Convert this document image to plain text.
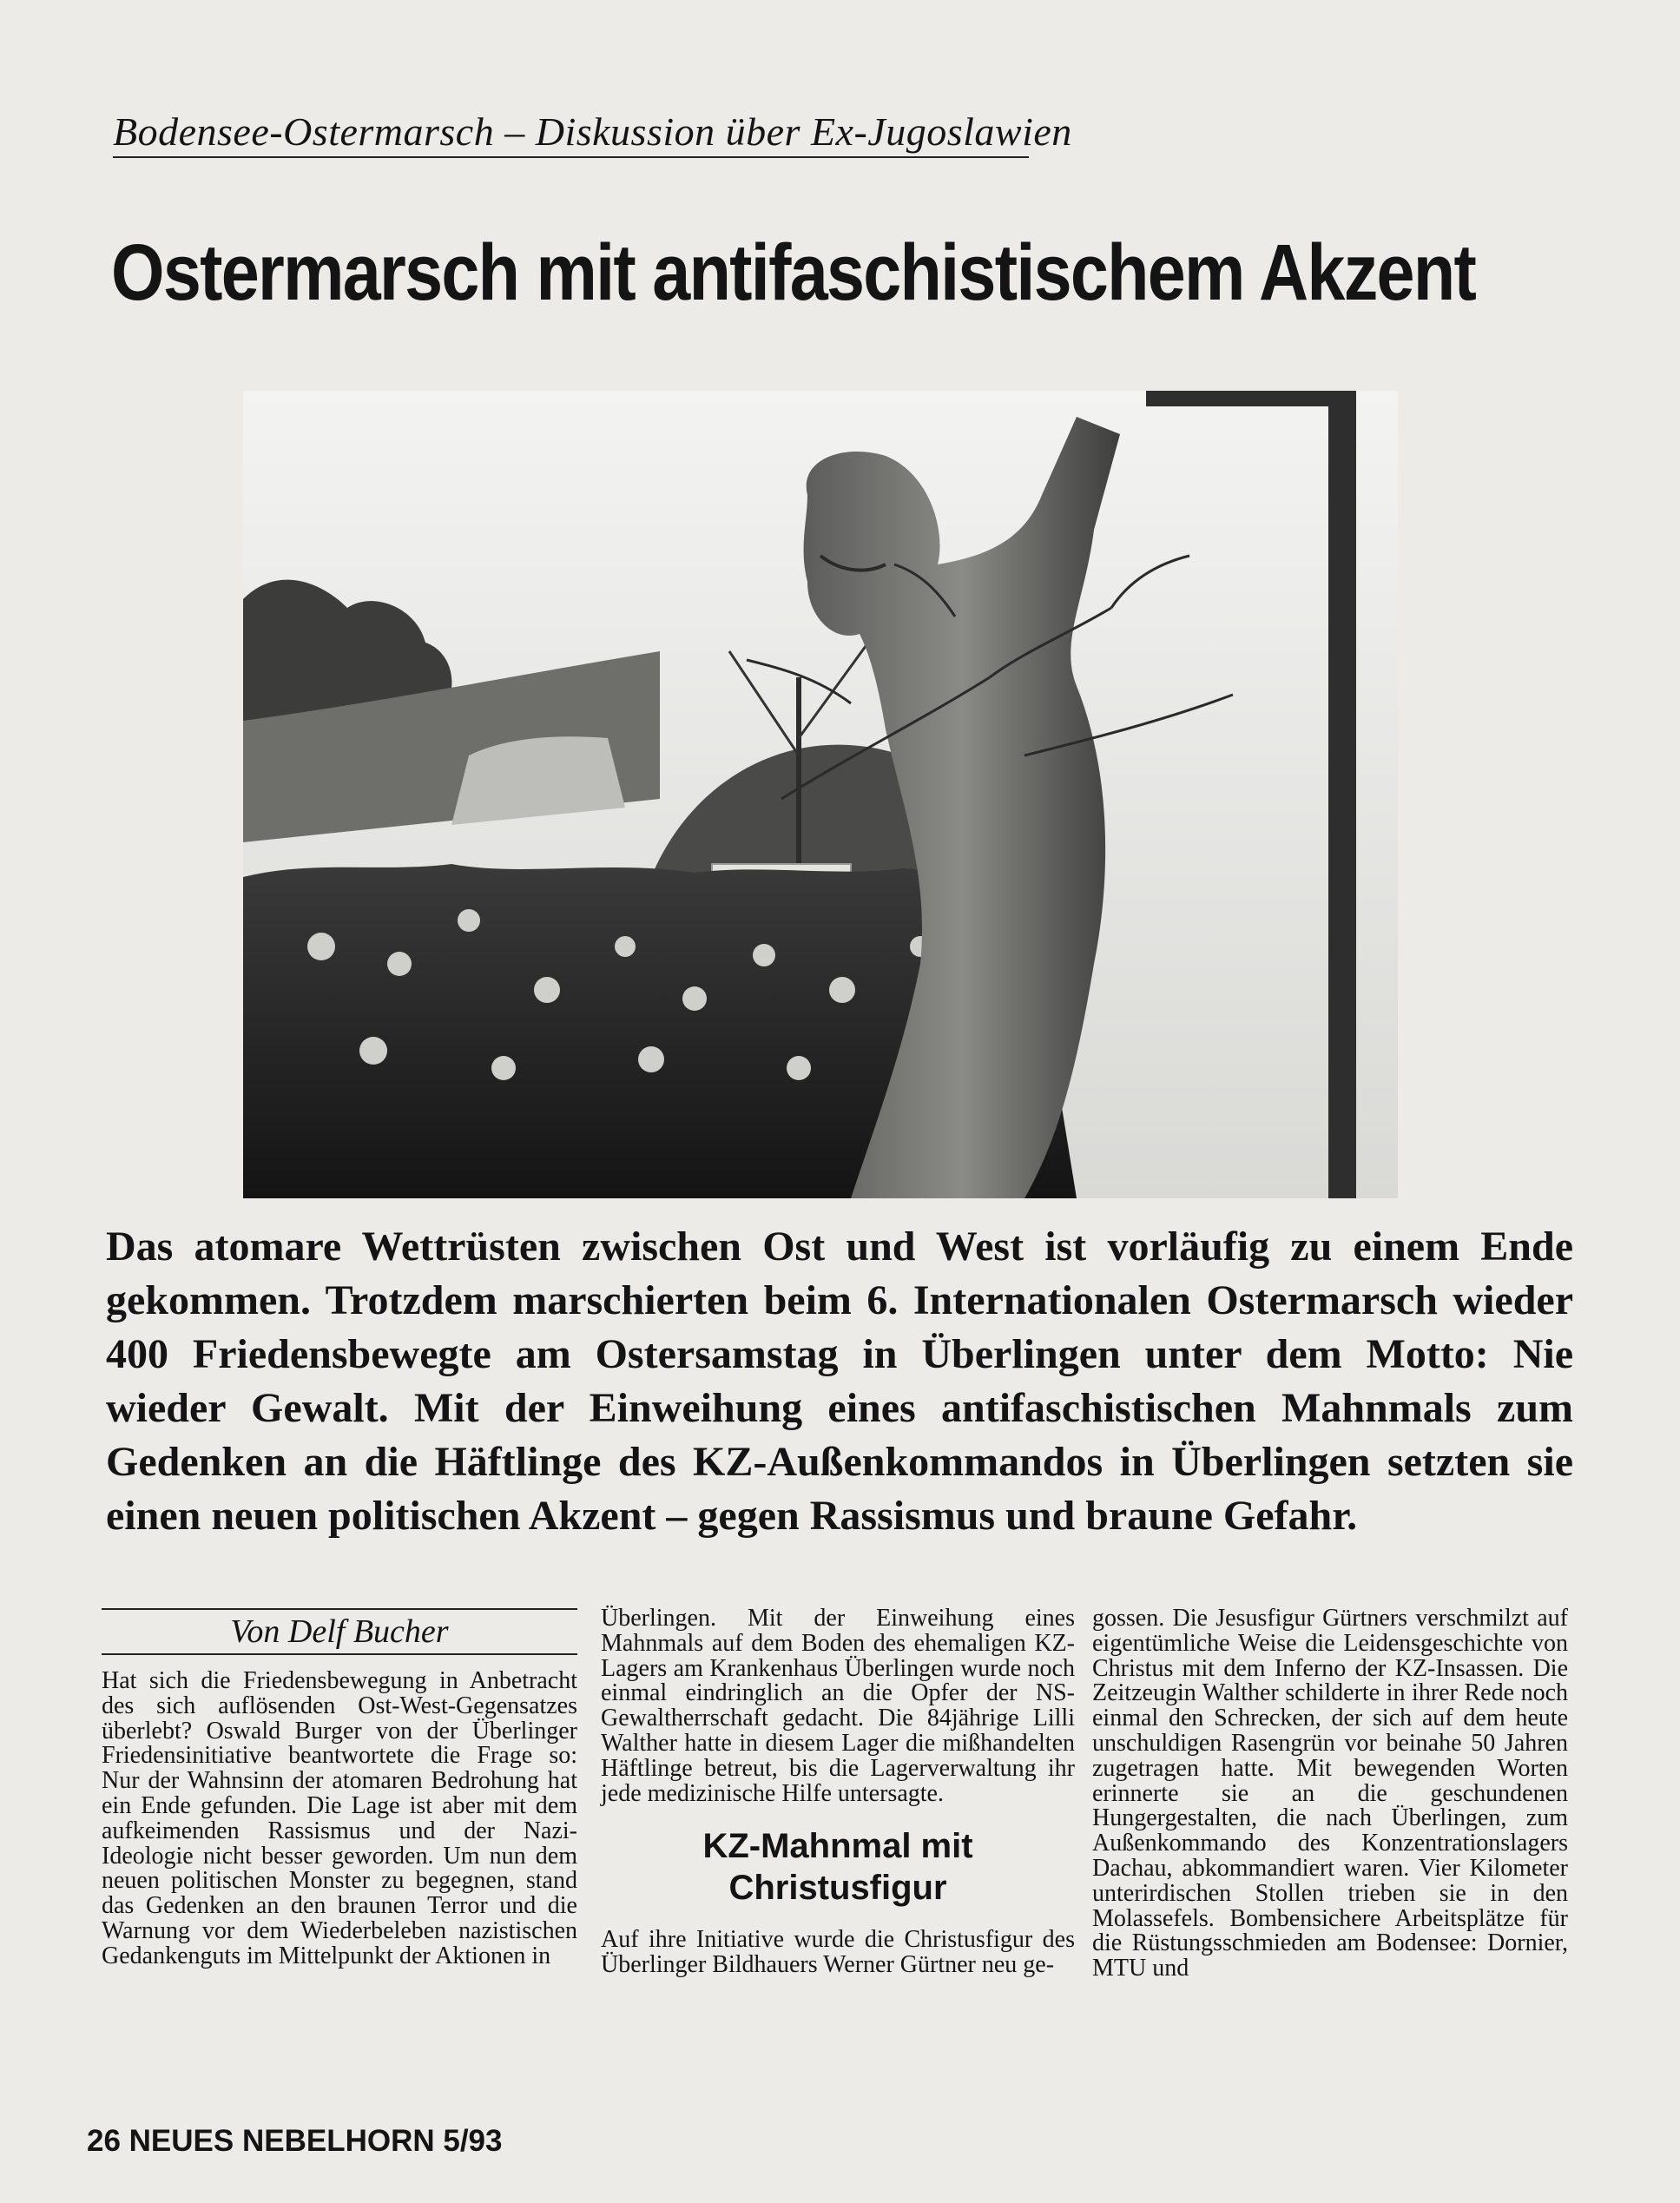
Bodensee-Ostermarsch – Diskussion über Ex-Jugoslawien
Ostermarsch mit antifaschistischem Akzent

Das atomare Wettrüsten zwischen Ost und West ist vorläufig zu einem Ende gekommen. Trotzdem marschierten beim 6. Internationalen Ostermarsch wieder 400 Friedensbewegte am Ostersamstag in Überlingen unter dem Motto: Nie wieder Gewalt. Mit der Einweihung eines antifaschistischen Mahnmals zum Gedenken an die Häftlinge des KZ-Außenkommandos in Überlingen setzten sie einen neuen politischen Akzent – gegen Rassismus und braune Gefahr.

Von Delf Bucher

Hat sich die Friedensbewegung in Anbetracht des sich auflösenden Ost-West-Gegensatzes überlebt? Oswald Burger von der Überlinger Friedensinitiative beantwortete die Frage so: Nur der Wahnsinn der atomaren Bedrohung hat ein Ende gefunden. Die Lage ist aber mit dem aufkeimenden Rassismus und der Nazi-Ideologie nicht besser geworden. Um nun dem neuen politischen Monster zu begegnen, stand das Gedenken an den braunen Terror und die Warnung vor dem Wiederbeleben nazistischen Gedankenguts im Mittelpunkt der Aktionen in

Überlingen. Mit der Einweihung eines Mahnmals auf dem Boden des ehemaligen KZ-Lagers am Krankenhaus Überlingen wurde noch einmal eindringlich an die Opfer der NS-Gewaltherrschaft gedacht. Die 84jährige Lilli Walther hatte in diesem Lager die mißhandelten Häftlinge betreut, bis die Lagerverwaltung ihr jede medizinische Hilfe untersagte.

KZ-Mahnmal mit Christusfigur

Auf ihre Initiative wurde die Christusfigur des Überlinger Bildhauers Werner Gürtner neu ge-

gossen. Die Jesusfigur Gürtners verschmilzt auf eigentümliche Weise die Leidensgeschichte von Christus mit dem Inferno der KZ-Insassen. Die Zeitzeugin Walther schilderte in ihrer Rede noch einmal den Schrecken, der sich auf dem heute unschuldigen Rasengrün vor beinahe 50 Jahren zugetragen hatte. Mit bewegenden Worten erinnerte sie an die geschundenen Hungergestalten, die nach Überlingen, zum Außenkommando des Konzentrationslagers Dachau, abkommandiert waren. Vier Kilometer unterirdischen Stollen trieben sie in den Molassefels. Bombensichere Arbeitsplätze für die Rüstungsschmieden am Bodensee: Dornier, MTU und

26 NEUES NEBELHORN 5/93
